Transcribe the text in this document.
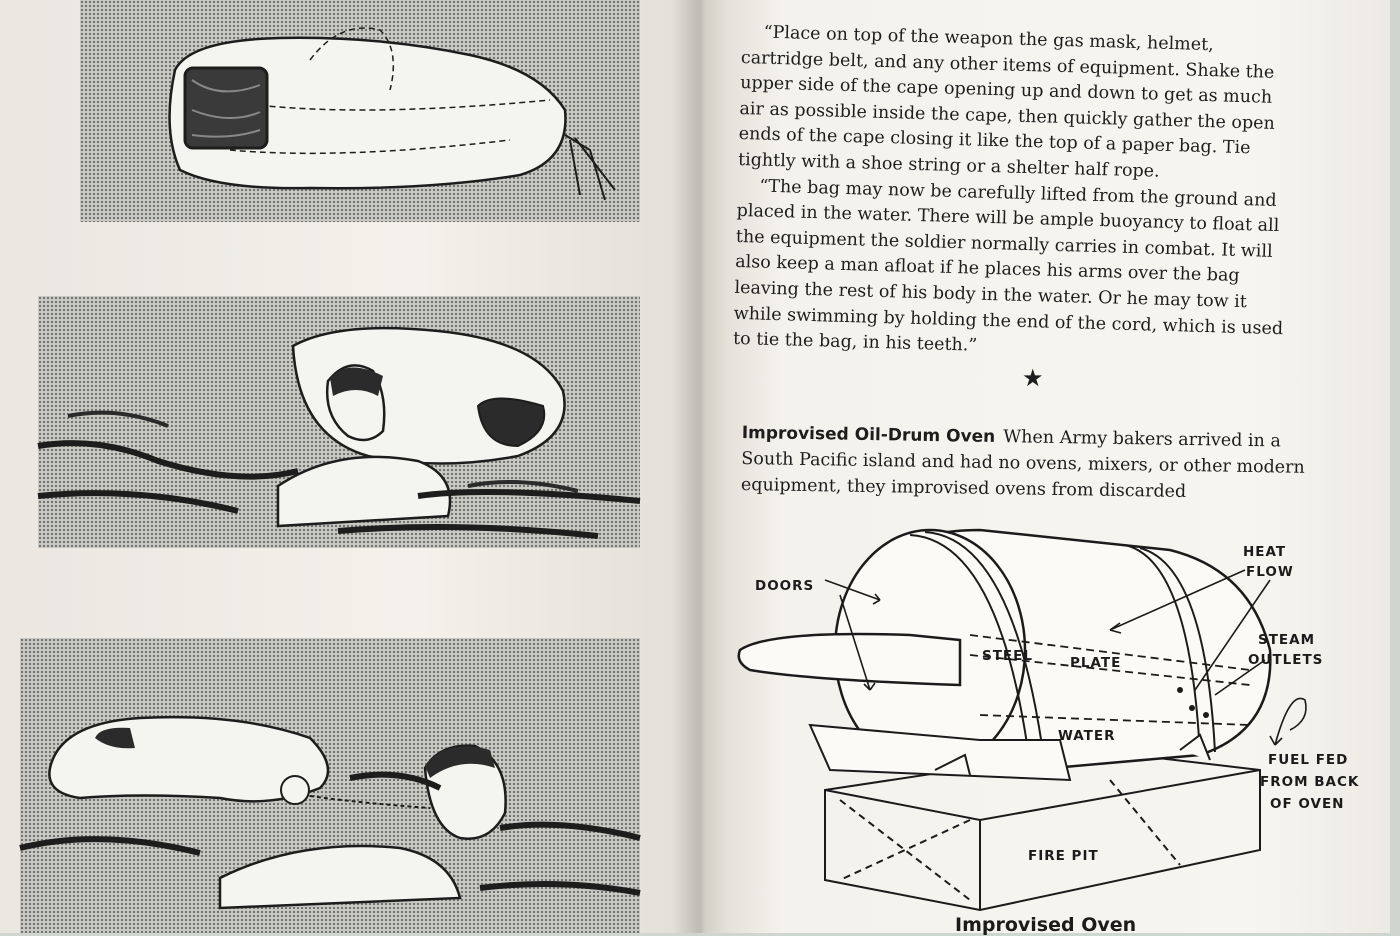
“Place on top of the weapon the gas mask, helmet, cartridge belt, and any other items of equipment. Shake the upper side of the cape opening up and down to get as much air as possible inside the cape, then quickly gather the open ends of the cape closing it like the top of a paper bag. Tie tightly with a shoe string or a shelter half rope.

“The bag may now be carefully lifted from the ground and placed in the water. There will be ample buoyancy to float all the equipment the soldier normally carries in combat. It will also keep a man afloat if he places his arms over the bag leaving the rest of his body in the water. Or he may tow it while swimming by holding the end of the cord, which is used to tie the bag, in his teeth.”

★
Improvised Oil-Drum Oven When Army bakers arrived in a South Pacific island and had no ovens, mixers, or other modern equipment, they improvised ovens from discarded
DOORS
HEAT
FLOW
STEEL	PLATE
STEAM
OUTLETS
WATER
FIRE PIT
FUEL FED
FROM BACK
OF OVEN
Improvised Oven
